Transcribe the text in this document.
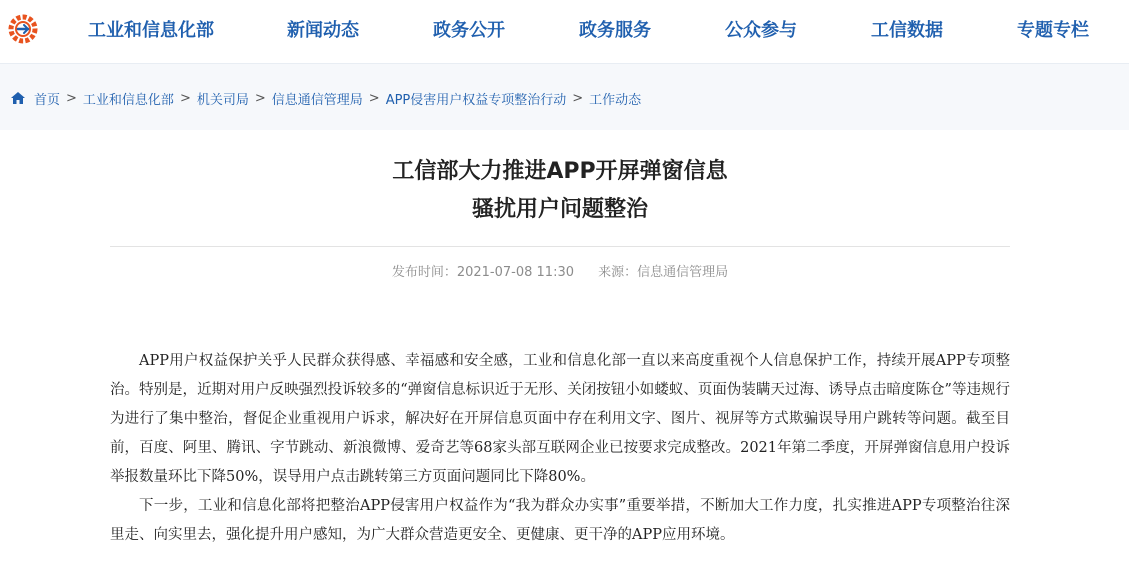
工业和信息化部	新闻动态	政务公开	政务服务	公众参与	工信数据	专题专栏
首页 > 工业和信息化部 > 机关司局 > 信息通信管理局 > APP侵害用户权益专项整治行动 > 工作动态
工信部大力推进APP开屏弹窗信息
骚扰用户问题整治
发布时间：2021-07-08 11:30 来源：信息通信管理局

APP用户权益保护关乎人民群众获得感、幸福感和安全感，工业和信息化部一直以来高度重视个人信息保护工作，持续开展APP专项整治。特别是，近期对用户反映强烈投诉较多的“弹窗信息标识近于无形、关闭按钮小如蝼蚁、页面伪装瞒天过海、诱导点击暗度陈仓”等违规行为进行了集中整治，督促企业重视用户诉求，解决好在开屏信息页面中存在利用文字、图片、视屏等方式欺骗误导用户跳转等问题。截至目前，百度、阿里、腾讯、字节跳动、新浪微博、爱奇艺等68家头部互联网企业已按要求完成整改。2021年第二季度，开屏弹窗信息用户投诉举报数量环比下降50%，误导用户点击跳转第三方页面问题同比下降80%。

下一步，工业和信息化部将把整治APP侵害用户权益作为“我为群众办实事”重要举措，不断加大工作力度，扎实推进APP专项整治往深里走、向实里去，强化提升用户感知，为广大群众营造更安全、更健康、更干净的APP应用环境。
